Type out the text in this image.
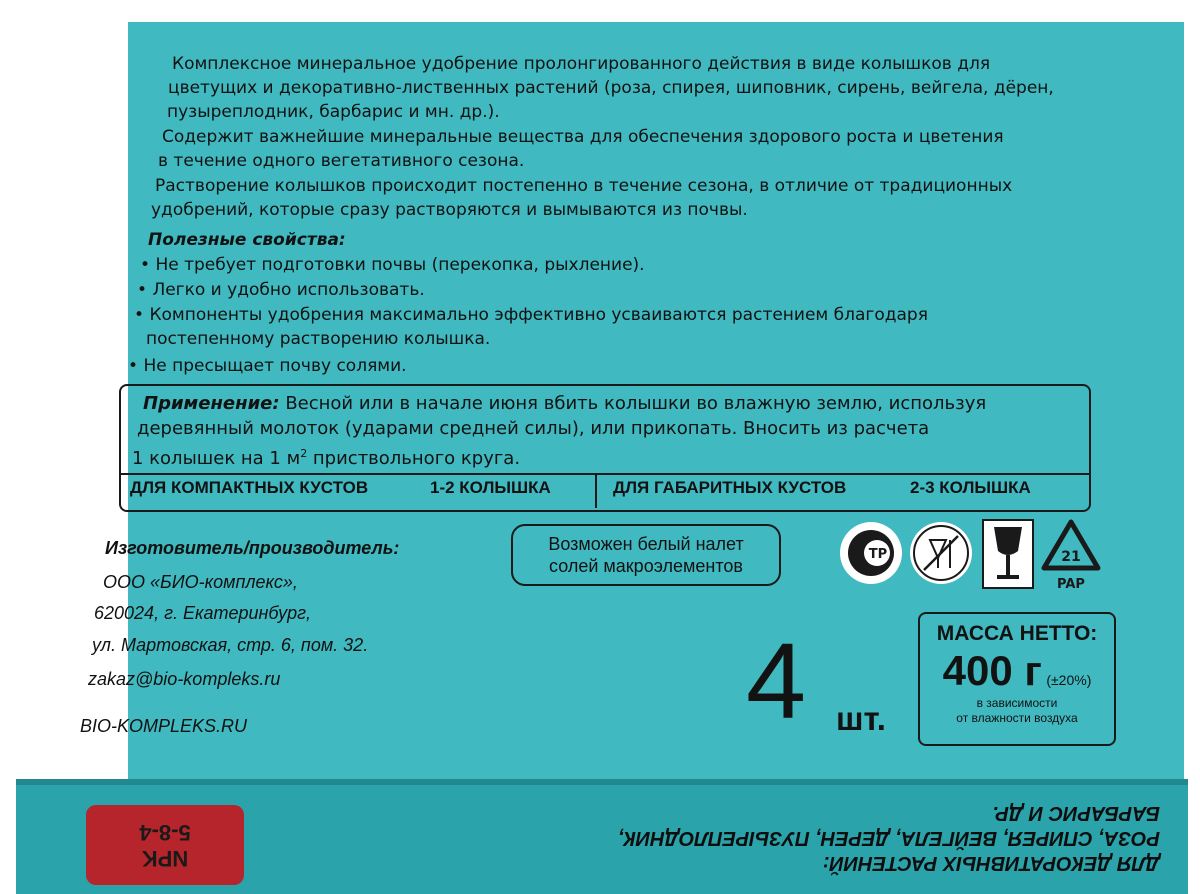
Комплексное минеральное удобрение пролонгированного действия в виде колышков для
цветущих и декоративно-лиственных растений (роза, спирея, шиповник, сирень, вейгела, дёрен,
пузыреплодник, барбарис и мн. др.).
Содержит важнейшие минеральные вещества для обеспечения здорового роста и цветения
в течение одного вегетативного сезона.
Растворение колышков происходит постепенно в течение сезона, в отличие от традиционных
удобрений, которые сразу растворяются и вымываются из почвы.
Полезные свойства:
• Не требует подготовки почвы (перекопка, рыхление).
• Легко и удобно использовать.
• Компоненты удобрения максимально эффективно усваиваются растением благодаря
постепенному растворению колышка.
• Не пресыщает почву солями.
Применение: Весной или в начале июня вбить колышки во влажную землю, используя
деревянный молоток (ударами средней силы), или прикопать. Вносить из расчета
1 колышек на 1 $м^2$ приствольного круга.
ДЛЯ КОМПАКТНЫХ КУСТОВ	1-2 КОЛЫШКА	ДЛЯ ГАБАРИТНЫХ КУСТОВ	2-3 КОЛЫШКА
Изготовитель/производитель:
ООО «БИО-комплекс»,
620024, г. Екатеринбург,
ул. Мартовская, стр. 6, пом. 32.
zakaz@bio-kompleks.ru
BIO-KOMPLEKS.RU
Возможен белый налет
солей макроэлементов
ТР	21
PAP
4 шт.
МАССА НЕТТО:
400 г (±20%)
в зависимости
от влажности воздуха
NPK
5-8-4
ДЛЯ ДЕКОРАТИВНЫХ РАСТЕНИЙ:
РОЗА, СПИРЕЯ, ВЕЙГЕЛА, ДЕРЕН, ПУЗЫРЕПЛОДНИК,
БАРБАРИС И ДР.
